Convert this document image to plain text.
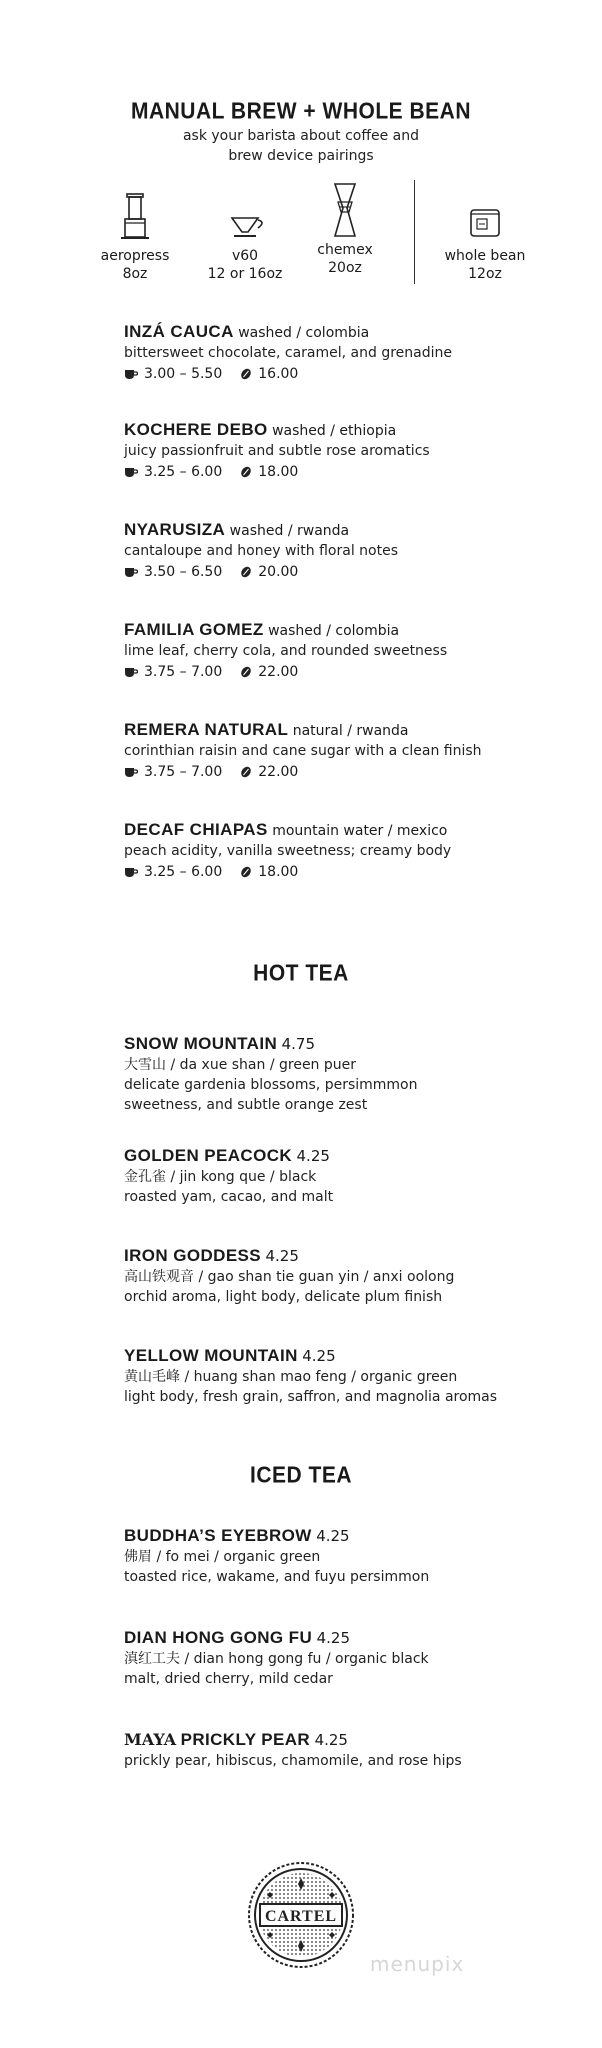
MANUAL BREW + WHOLE BEAN
ask your barista about coffee and
brew device pairings
aeropress
8oz
v60
12 or 16oz
chemex
20oz
whole bean
12oz
INZÁ CAUCA washed / colombia
bittersweet chocolate, caramel, and grenadine
3.00 – 5.50	16.00
KOCHERE DEBO washed / ethiopia
juicy passionfruit and subtle rose aromatics
3.25 – 6.00	18.00
NYARUSIZA washed / rwanda
cantaloupe and honey with floral notes
3.50 – 6.50	20.00
FAMILIA GOMEZ washed / colombia
lime leaf, cherry cola, and rounded sweetness
3.75 – 7.00	22.00
REMERA NATURAL natural / rwanda
corinthian raisin and cane sugar with a clean finish
3.75 – 7.00	22.00
DECAF CHIAPAS mountain water / mexico
peach acidity, vanilla sweetness; creamy body
3.25 – 6.00	18.00
HOT TEA
SNOW MOUNTAIN 4.75
大雪山 / da xue shan / green puer
delicate gardenia blossoms, persimmmon
sweetness, and subtle orange zest
GOLDEN PEACOCK 4.25
金孔雀 / jin kong que / black
roasted yam, cacao, and malt
IRON GODDESS 4.25
高山铁观音 / gao shan tie guan yin / anxi oolong
orchid aroma, light body, delicate plum finish
YELLOW MOUNTAIN 4.25
黄山毛峰 / huang shan mao feng / organic green
light body, fresh grain, saffron, and magnolia aromas
ICED TEA
BUDDHA’S EYEBROW 4.25
佛眉 / fo mei / organic green
toasted rice, wakame, and fuyu persimmon
DIAN HONG GONG FU 4.25
滇红工夫 / dian hong gong fu / organic black
malt, dried cherry, mild cedar
MAYA PRICKLY PEAR 4.25
prickly pear, hibiscus, chamomile, and rose hips
CARTEL
menupix
